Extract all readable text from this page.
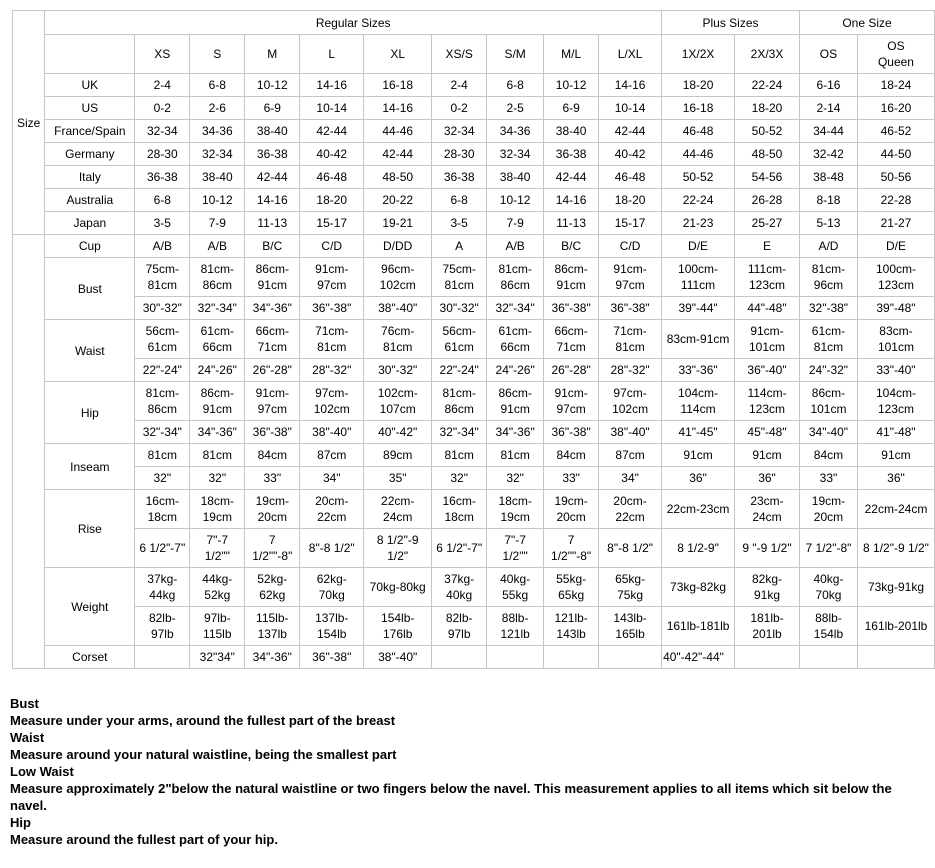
Size	Regular Sizes										Plus Sizes		One Size	
		XS	S	M	L	XL	XS/S	S/M	M/L	L/XL	1X/2X	2X/3X	OS	OS Queen

	UK	2-4	6-8	10-12	14-16	16-18	2-4	6-8	10-12	14-16	18-20	22-24	6-16	18-24
	US	0-2	2-6	6-9	10-14	14-16	0-2	2-5	6-9	10-14	16-18	18-20	2-14	16-20
	France/Spain	32-34	34-36	38-40	42-44	44-46	32-34	34-36	38-40	42-44	46-48	50-52	34-44	46-52
	Germany	28-30	32-34	36-38	40-42	42-44	28-30	32-34	36-38	40-42	44-46	48-50	32-42	44-50
	Italy	36-38	38-40	42-44	46-48	48-50	36-38	38-40	42-44	46-48	50-52	54-56	38-48	50-56
	Australia	6-8	10-12	14-16	18-20	20-22	6-8	10-12	14-16	18-20	22-24	26-28	8-18	22-28
	Japan	3-5	7-9	11-13	15-17	19-21	3-5	7-9	11-13	15-17	21-23	25-27	5-13	21-27
	Cup	A/B	A/B	B/C	C/D	D/DD	A	A/B	B/C	C/D	D/E	E	A/D	D/E
	Bust	75cm-81cm	81cm-86cm	86cm-91cm	91cm-97cm	96cm-102cm	75cm-81cm	81cm-86cm	86cm-91cm	91cm-97cm	100cm-111cm	111cm-123cm	81cm-96cm	100cm-123cm
		30"-32"	32"-34"	34"-36"	36"-38"	38"-40"	30"-32"	32"-34"	36"-38"	36"-38"	39"-44"	44"-48"	32"-38"	39"-48"
	Waist	56cm-61cm	61cm-66cm	66cm-71cm	71cm-81cm	76cm-81cm	56cm-61cm	61cm-66cm	66cm-71cm	71cm-81cm	83cm-91cm	91cm-101cm	61cm-81cm	83cm-101cm
		22"-24"	24"-26"	26"-28"	28"-32"	30"-32"	22"-24"	24"-26"	26"-28"	28"-32"	33"-36"	36"-40"	24"-32"	33"-40"
	Hip	81cm-86cm	86cm-91cm	91cm-97cm	97cm-102cm	102cm-107cm	81cm-86cm	86cm-91cm	91cm-97cm	97cm-102cm	104cm-114cm	114cm-123cm	86cm-101cm	104cm-123cm
		32"-34"	34"-36"	36"-38"	38"-40"	40"-42"	32"-34"	34"-36"	36"-38"	38"-40"	41"-45"	45"-48"	34"-40"	41"-48"
	Inseam	81cm	81cm	84cm	87cm	89cm	81cm	81cm	84cm	87cm	91cm	91cm	84cm	91cm
		32"	32"	33"	34"	35"	32"	32"	33"	34"	36"	36"	33"	36"
	Rise	16cm-18cm	18cm-19cm	19cm-20cm	20cm-22cm	22cm-24cm	16cm-18cm	18cm-19cm	19cm-20cm	20cm-22cm	22cm-23cm	23cm-24cm	19cm-20cm	22cm-24cm
		6 1/2"-7"	7"-7 1/2""	7 1/2""-8"	8"-8 1/2"	8 1/2"-9 1/2"	6 1/2"-7"	7"-7 1/2""	7 1/2""-8"	8"-8 1/2"	8 1/2-9"	9 "-9 1/2"	7 1/2"-8"	8 1/2"-9 1/2"
	Weight	37kg-44kg	44kg-52kg	52kg-62kg	62kg-70kg	70kg-80kg	37kg-40kg	40kg-55kg	55kg-65kg	65kg-75kg	73kg-82kg	82kg-91kg	40kg-70kg	73kg-91kg
		82lb-97lb	97lb-115lb	115lb-137lb	137lb-154lb	154lb-176lb	82lb-97lb	88lb-121lb	121lb-143lb	143lb-165lb	161lb-181lb	181lb-201lb	88lb-154lb	161lb-201lb
	Corset		32"34"	34"-36"	36"-38"	38"-40"					40"-42"-44"			
Bust
Measure under your arms, around the fullest part of the breast
Waist
Measure around your natural waistline, being the smallest part
Low Waist
Measure approximately 2"below the natural waistline or two fingers below the navel. This measurement applies to all items which sit below the navel.
Hip
Measure around the fullest part of your hip.
